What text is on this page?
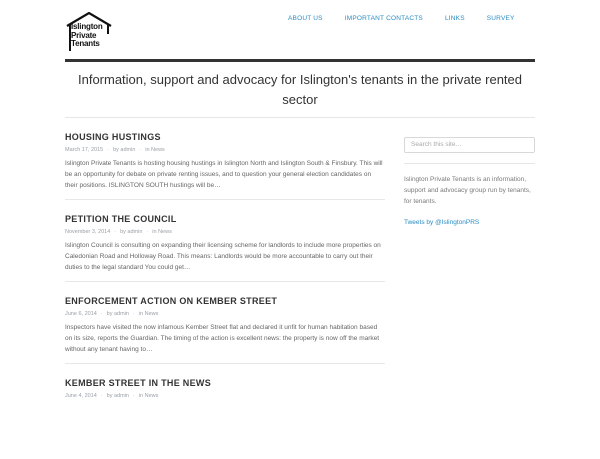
Islington
Private
Tenants
ABOUT US	IMPORTANT CONTACTS	LINKS	SURVEY
Information, support and advocacy for Islington's tenants in the private rented sector
HOUSING HUSTINGS
March 17, 2015 · by admin · in News
Islington Private Tenants is hosting housing hustings in Islington North and Islington South & Finsbury. This will be an opportunity for debate on private renting issues, and to question your general election candidates on their positions. ISLINGTON SOUTH hustings will be…
PETITION THE COUNCIL
November 3, 2014 · by admin · in News
Islington Council is consulting on expanding their licensing scheme for landlords to include more properties on Caledonian Road and Holloway Road. This means: Landlords would be more accountable to carry out their duties to the legal standard You could get…
ENFORCEMENT ACTION ON KEMBER STREET
June 6, 2014 · by admin · in News
Inspectors have visited the now infamous Kember Street flat and declared it unfit for human habitation based on its size, reports the Guardian. The timing of the action is excellent news: the property is now off the market without any tenant having to…
KEMBER STREET IN THE NEWS
June 4, 2014 · by admin · in News
Search this site…
Islington Private Tenants is an information, support and advocacy group run by tenants, for tenants.
Tweets by @IslingtonPRS
